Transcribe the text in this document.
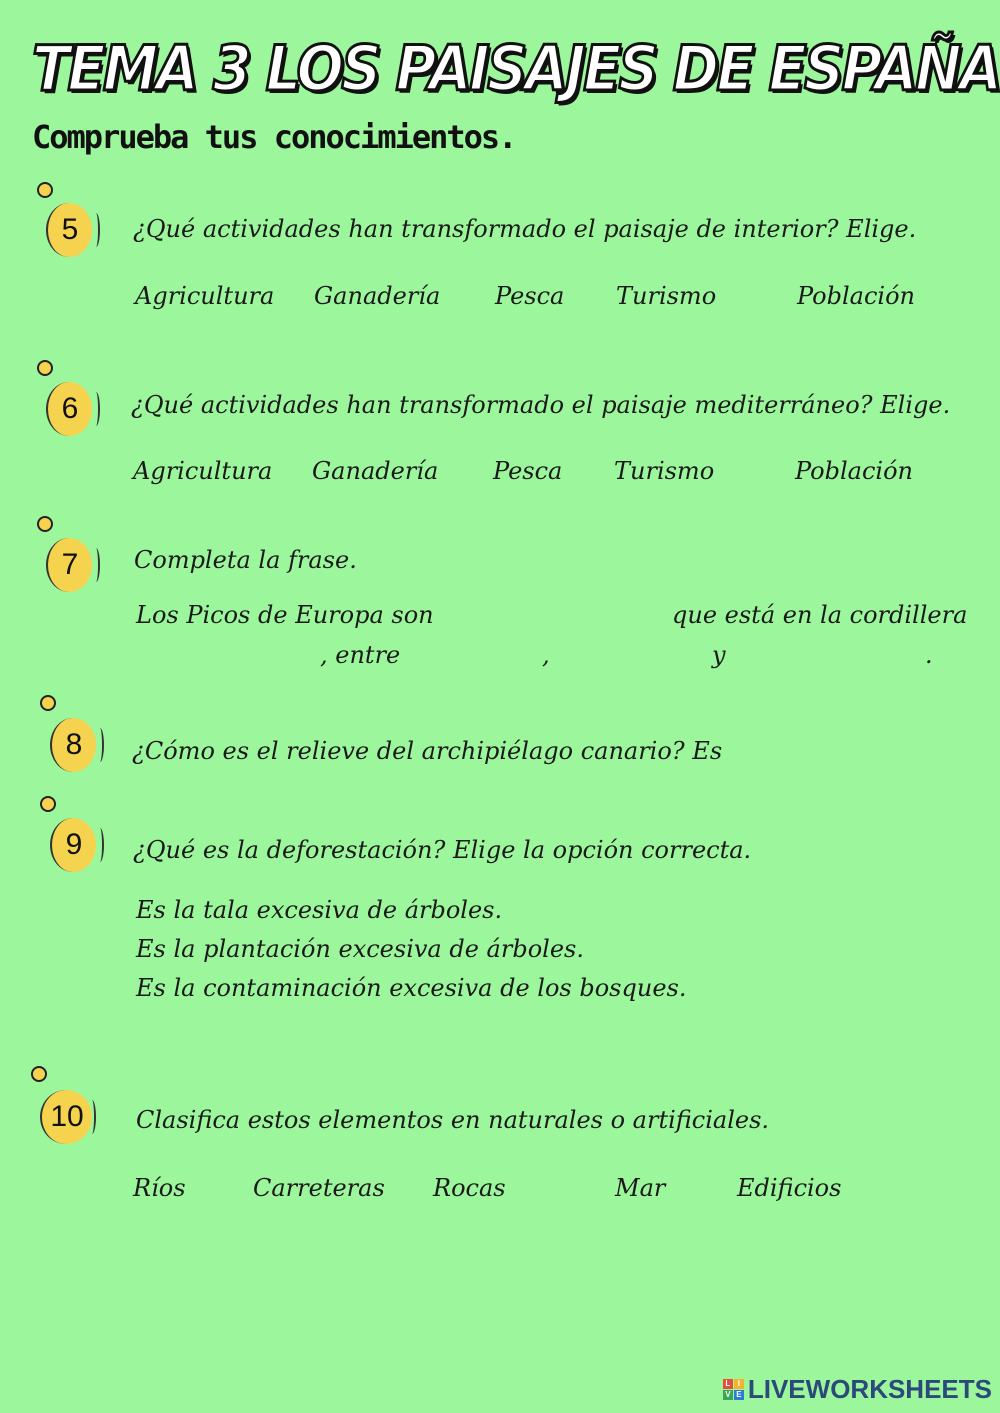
TEMA 3 LOS PAISAJES DE ESPAÑA
Comprueba tus conocimientos.
5	¿Qué actividades han transformado el paisaje de interior? Elige.
Agricultura Ganadería Pesca Turismo	Población
6	¿Qué actividades han transformado el paisaje mediterráneo? Elige.
Agricultura Ganadería Pesca Turismo	Población
7	Completa la frase.
Los Picos de Europa son	que está en la cordillera
, entre	,	y	.
8	¿Cómo es el relieve del archipiélago canario? Es
9	¿Qué es la deforestación? Elige la opción correcta.
Es la tala excesiva de árboles.
Es la plantación excesiva de árboles.
Es la contaminación excesiva de los bosques.
10	Clasifica estos elementos en naturales o artificiales.
Ríos	Carreteras Rocas	Mar	Edificios
L I
V E LIVEWORKSHEETS
